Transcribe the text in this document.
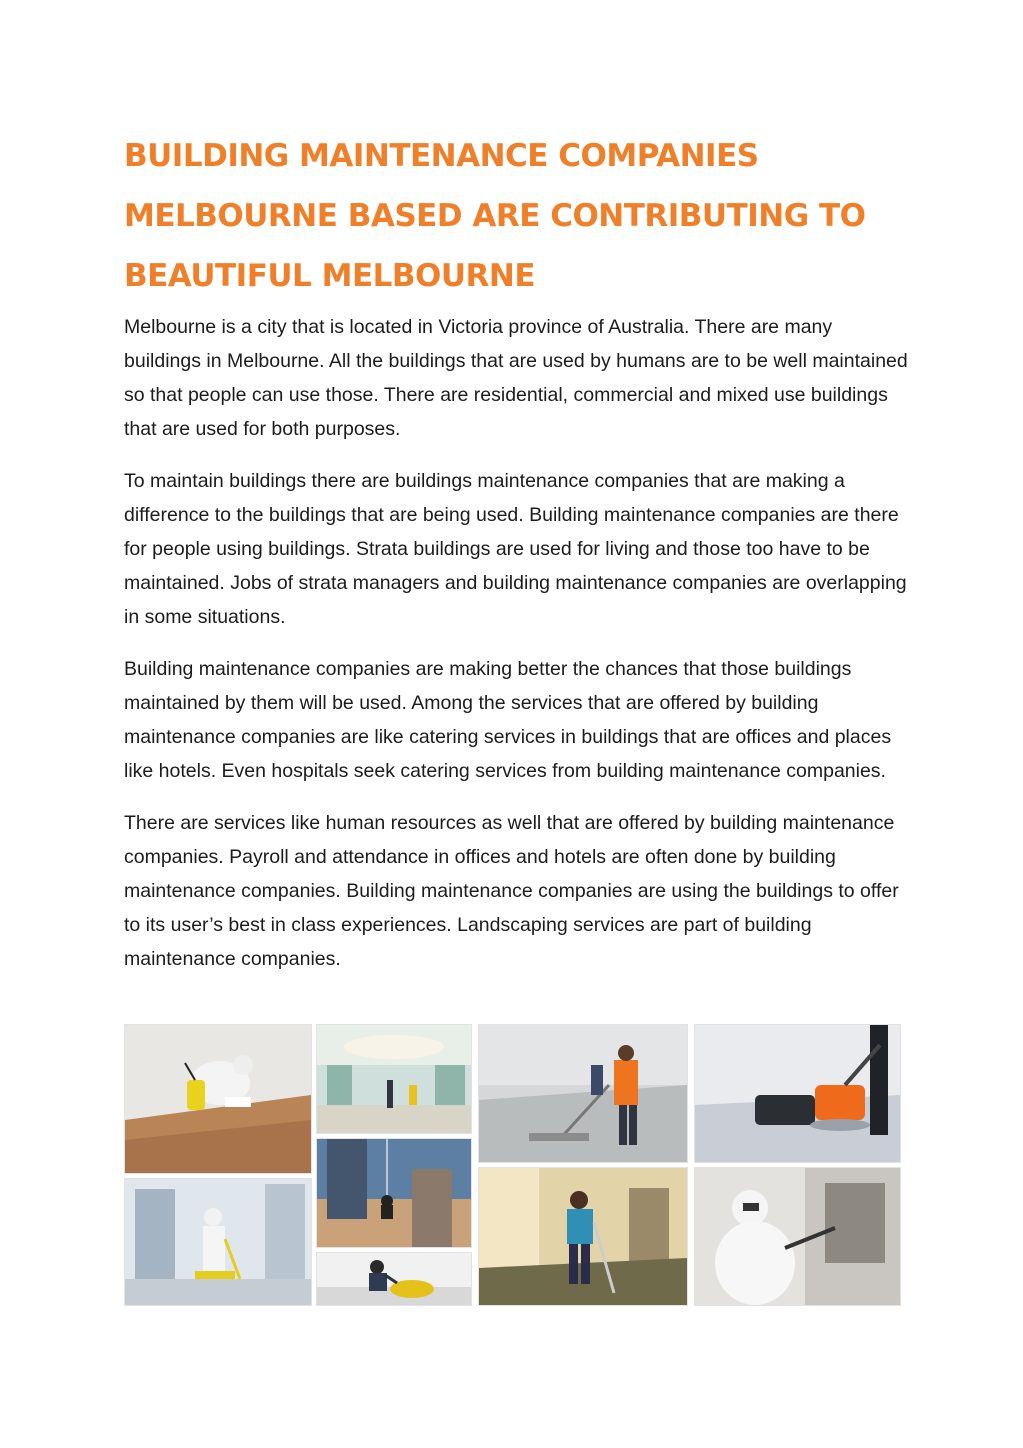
BUILDING MAINTENANCE COMPANIES MELBOURNE BASED ARE CONTRIBUTING TO BEAUTIFUL MELBOURNE

Melbourne is a city that is located in Victoria province of Australia. There are many buildings in Melbourne. All the buildings that are used by humans are to be well maintained so that people can use those. There are residential, commercial and mixed use buildings that are used for both purposes.

To maintain buildings there are buildings maintenance companies that are making a difference to the buildings that are being used. Building maintenance companies are there for people using buildings. Strata buildings are used for living and those too have to be maintained. Jobs of strata managers and building maintenance companies are overlapping in some situations.

Building maintenance companies are making better the chances that those buildings maintained by them will be used. Among the services that are offered by building maintenance companies are like catering services in buildings that are offices and places like hotels. Even hospitals seek catering services from building maintenance companies.

There are services like human resources as well that are offered by building maintenance companies. Payroll and attendance in offices and hotels are often done by building maintenance companies. Building maintenance companies are using the buildings to offer to its user’s best in class experiences. Landscaping services are part of building maintenance companies.
